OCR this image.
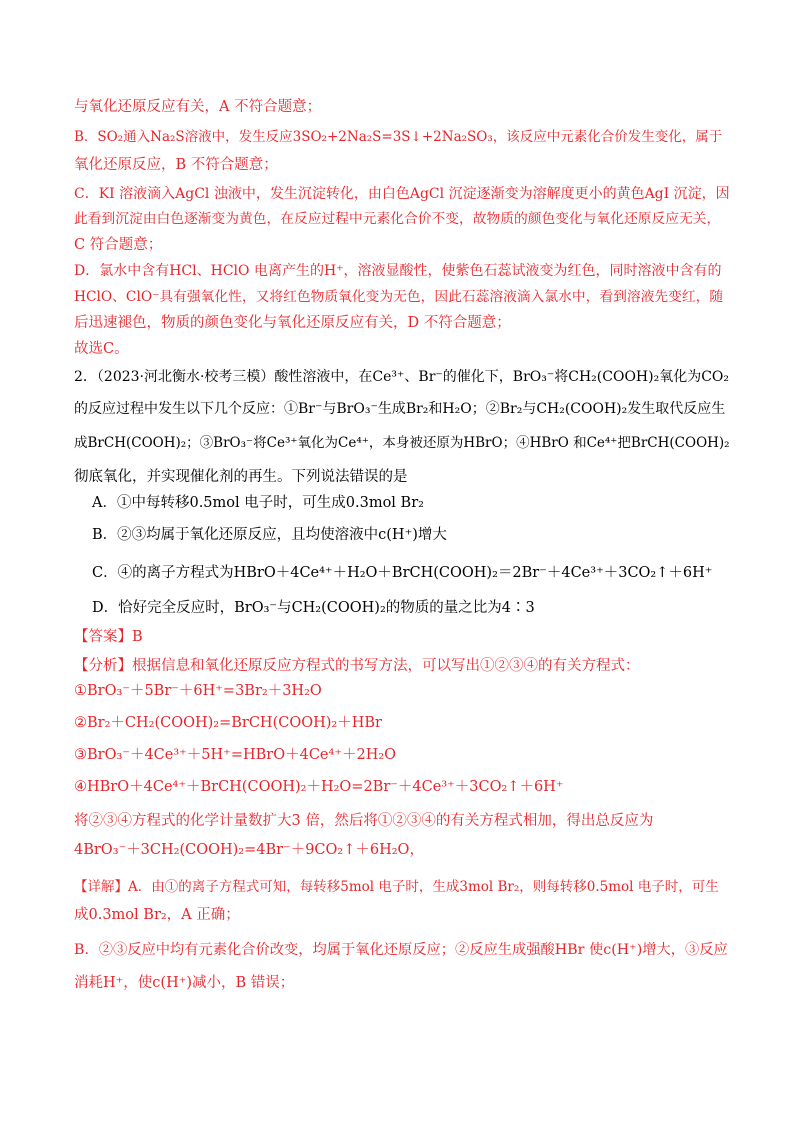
与氧化还原反应有关，A 不符合题意；
B．SO₂通入Na₂S溶液中，发生反应3SO₂+2Na₂S=3S↓+2Na₂SO₃，该反应中元素化合价发生变化，属于
氧化还原反应，B 不符合题意；
C．KI 溶液滴入AgCl 浊液中，发生沉淀转化，由白色AgCl 沉淀逐渐变为溶解度更小的黄色AgI 沉淀，因
此看到沉淀由白色逐渐变为黄色，在反应过程中元素化合价不变，故物质的颜色变化与氧化还原反应无关，
C 符合题意；
D．氯水中含有HCl、HClO 电离产生的H⁺，溶液显酸性，使紫色石蕊试液变为红色，同时溶液中含有的
HClO、ClO⁻具有强氧化性，又将红色物质氧化变为无色，因此石蕊溶液滴入氯水中，看到溶液先变红，随
后迅速褪色，物质的颜色变化与氧化还原反应有关，D 不符合题意；
故选C。
2．（2023·河北衡水·校考三模）酸性溶液中，在Ce³⁺、Br⁻的催化下，BrO₃⁻将CH₂(COOH)₂氧化为CO₂
的反应过程中发生以下几个反应：①Br⁻与BrO₃⁻生成Br₂和H₂O；②Br₂与CH₂(COOH)₂发生取代反应生
成BrCH(COOH)₂；③BrO₃⁻将Ce³⁺氧化为Ce⁴⁺，本身被还原为HBrO；④HBrO 和Ce⁴⁺把BrCH(COOH)₂
彻底氧化，并实现催化剂的再生。下列说法错误的是
A．①中每转移0.5mol 电子时，可生成0.3mol Br₂
B．②③均属于氧化还原反应，且均使溶液中c(H⁺)增大
C．④的离子方程式为HBrO＋4Ce⁴⁺＋H₂O＋BrCH(COOH)₂＝2Br⁻＋4Ce³⁺＋3CO₂↑＋6H⁺
D．恰好完全反应时，BrO₃⁻与CH₂(COOH)₂的物质的量之比为4∶3
【答案】B
【分析】根据信息和氧化还原反应方程式的书写方法，可以写出①②③④的有关方程式：
①BrO₃⁻＋5Br⁻＋6H⁺=3Br₂＋3H₂O
②Br₂＋CH₂(COOH)₂=BrCH(COOH)₂＋HBr
③BrO₃⁻＋4Ce³⁺＋5H⁺=HBrO＋4Ce⁴⁺＋2H₂O
④HBrO＋4Ce⁴⁺＋BrCH(COOH)₂＋H₂O=2Br⁻＋4Ce³⁺＋3CO₂↑＋6H⁺
将②③④方程式的化学计量数扩大3 倍，然后将①②③④的有关方程式相加，得出总反应为
4BrO₃⁻＋3CH₂(COOH)₂=4Br⁻＋9CO₂↑＋6H₂O，
【详解】A．由①的离子方程式可知，每转移5mol 电子时，生成3mol Br₂，则每转移0.5mol 电子时，可生
成0.3mol Br₂，A 正确；
B．②③反应中均有元素化合价改变，均属于氧化还原反应；②反应生成强酸HBr 使c(H⁺)增大，③反应
消耗H⁺，使c(H⁺)减小，B 错误；
